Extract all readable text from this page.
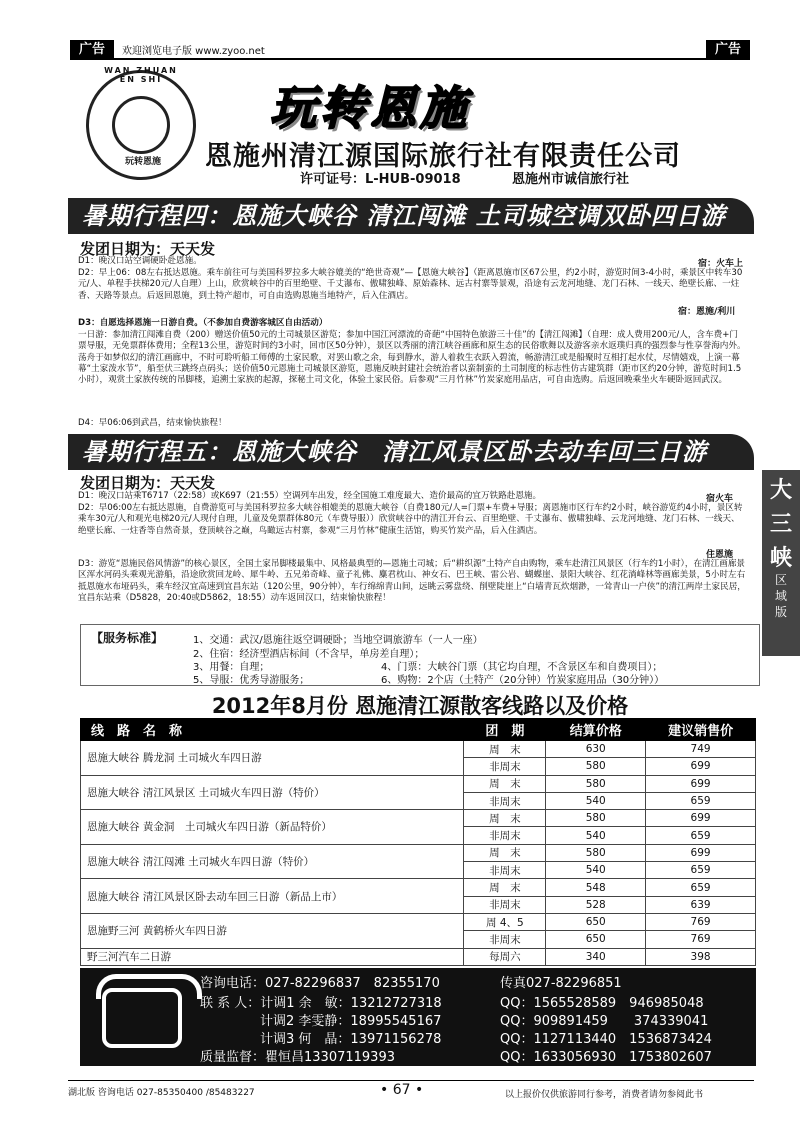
广告	欢迎浏览电子版 www.zyoo.net	广告
WAN ZHUAN EN SHI
玩转恩施
玩转恩施
恩施州清江源国际旅行社有限责任公司
许可证号：L-HUB-09018	恩施州市诚信旅行社
暑期行程四：恩施大峡谷 清江闯滩 土司城空调双卧四日游
发团日期为：天天发
D1：晚汉口站空调硬卧赴恩施。	宿：火车上
D2：早上06：08左右抵达恩施。乘车前往可与美国科罗拉多大峡谷媲美的“绝世奇观”—【恩施大峡谷】（距离恩施市区67公里，约2小时，游览时间3-4小时，乘景区中转车30元/人、单程手扶梯20元/人自理）上山，欣赏峡谷中的百里绝壁、千丈瀑布、傲啸独峰、原始森林、远古村寨等景观，沿途有云龙河地缝、龙门石林、一线天、绝壁长廊、一炷香、天路等景点。后返回恩施，到土特产超市，可自由选购恩施当地特产，后入住酒店。
宿：恩施/利川
D3：自愿选择恩施一日游自费。（不参加自费游客城区自由活动）
一日游：参加清江闯滩自费（200）赠送价值50元的土司城景区游览；参加中国江河漂流的奇葩“中国特色旅游三十佳”的【清江闯滩】（自理：成人费用200元/人，含车费+门票导服，无免票群体费用；全程13公里，游览时间约3小时，回市区50分钟），景区以秀丽的清江峡谷画廊和原生态的民俗歌舞以及游客亲水返璞归真的强烈参与性享誉海内外。荡舟于如梦似幻的清江画廊中，不时可聆听船工师傅的土家民歌，对罢山歌之余，每到静水，游人着救生衣跃入碧流，畅游清江或是船聚时互相打起水仗，尽情嬉戏，上演一幕幕“土家泼水节”，船至伏三跳终点码头；送价值50元恩施土司城景区游览，恩施反映封建社会统治者以蛮制蛮的土司制度的标志性仿古建筑群（距市区约20分钟，游览时间1.5小时），观赏土家族传统的吊脚楼，追溯土家族的起源，探秘土司文化，体验土家民俗。后参观“三月竹林”竹炭家庭用品店，可自由选购。后返回晚乘坐火车硬卧返回武汉。
D4：早06:06到武昌，结束愉快旅程！
暑期行程五：恩施大峡谷　清江风景区卧去动车回三日游
发团日期为：天天发
D1：晚汉口站乘T6717（22:58）或K697（21:55）空调列车出发，经全国施工难度最大、造价最高的宜万铁路赴恩施。	宿火车
D2：早06:00左右抵达恩施，自费游览可与美国科罗拉多大峡谷相媲美的恩施大峡谷（自费180元/人=门票+车费+导服；离恩施市区行车约2小时，峡谷游览约4小时，景区转乘车30元/人和观光电梯20元/人现付自理，儿童及免票群体80元（车费导服））欣赏峡谷中的清江开台云、百里绝壁、千丈瀑布、傲啸独峰、云龙河地缝、龙门石林、一线天、绝壁长廊、一炷香等自然奇景，登顶峡谷之巅，鸟瞰远古村寨，参观“三月竹林”健康生活馆，购买竹炭产品，后入住酒店。
住恩施
D3：游览“恩施民俗风情游”的核心景区，全国土家吊脚楼最集中、风格最典型的—恩施土司城；后“耕织源”土特产自由购物，乘车赴清江风景区（行车约1小时），在清江画廊景区浑水河码头乘观光游船，沿途欣赏回龙岭、犀牛岭、五兄弟奇峰、童子礼佛、麋君枕山、神女石、巴王峡、雷公岩、蝴蝶崖、景阳大峡谷、红花淌峰林等画廊美景，5小时左右抵恩施水布垭码头，乘车经汉宜高速到宜昌东站（120公里，90分钟），车行绵绵青山间，远眺云雾盘绕、削壁陡崖上“白墙青瓦炊烟渺，一耸青山一户侠”的清江两岸土家民居，宜昌东站乘（D5828，20:40或D5862，18:55）动车返回汉口，结束愉快旅程！
大
三
峡
区
域
版
【服务标准】	1、交通：武汉/恩施往返空调硬卧；当地空调旅游车（一人一座）
2、住宿：经济型酒店标间（不含早，单房差自理）；
3、用餐：自理；	4、门票：大峡谷门票（其它均自理，不含景区车和自费项目）；
5、导服：优秀导游服务；	6、购物：2个店（土特产（20分钟）竹炭家庭用品（30分钟））
2012年8月份 恩施清江源散客线路以及价格
线　路　名　称	团　期	结算价格	建议销售价
恩施大峡谷 腾龙洞 土司城火车四日游	周　末	630	749
	非周末	580	699
恩施大峡谷 清江风景区 土司城火车四日游（特价）	周　末	580	699
	非周末	540	659
恩施大峡谷 黄金洞　土司城火车四日游（新品特价）	周　末	580	699
	非周末	540	659
恩施大峡谷 清江闯滩 土司城火车四日游（特价）	周　末	580	699
	非周末	540	659
恩施大峡谷 清江风景区卧去动车回三日游（新品上市）	周　末	548	659
	非周末	528	639
恩施野三河 黄鹤桥火车四日游	周 4、5	650	769
	非周末	650	769
野三河汽车二日游	每周六	340	398
咨询电话：027-82296837　82355170	传真027-82296851
联 系 人：计调1 余　敏：13212727318	QQ：1565528589　946985048
计调2 李雯静：18995545167	QQ：909891459　　374339041
计调3 何　晶：13971156278	QQ：1127113440　1536873424
质量监督：瞿恒昌13307119393	QQ：1633056930　1753802607
湖北版 咨询电话 027-85350400 /85483227	• 67 •	以上报价仅供旅游同行参考，消费者请勿参阅此书
